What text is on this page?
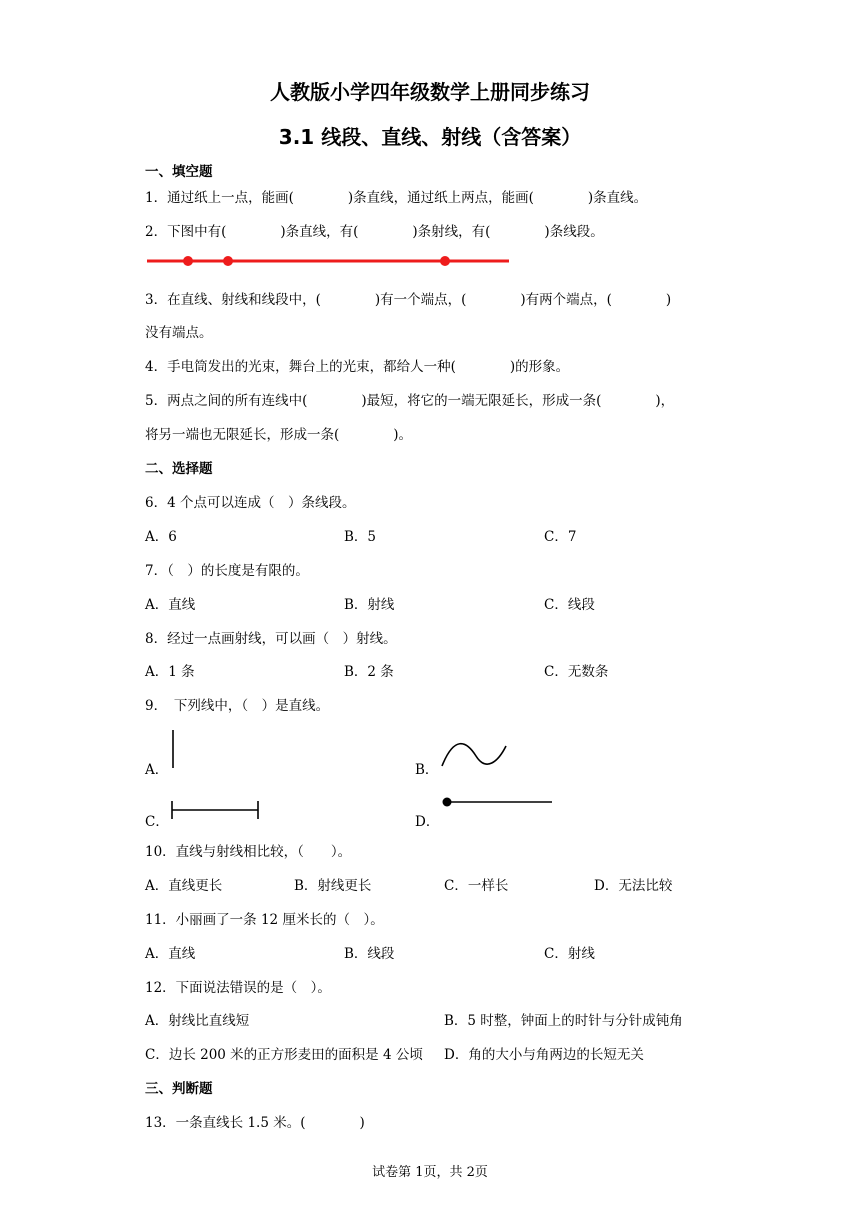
人教版小学四年级数学上册同步练习
3.1 线段、直线、射线（含答案）
一、填空题
1．通过纸上一点，能画(　　　　)条直线，通过纸上两点，能画(　　　　)条直线。
2．下图中有(　　　　)条直线，有(　　　　)条射线，有(　　　　)条线段。
3．在直线、射线和线段中，(　　　　)有一个端点，(　　　　)有两个端点，(　　　　)
没有端点。
4．手电筒发出的光束，舞台上的光束，都给人一种(　　　　)的形象。
5．两点之间的所有连线中(　　　　)最短，将它的一端无限延长，形成一条(　　　　)，
将另一端也无限延长，形成一条(　　　　)。
二、选择题
6．4 个点可以连成（　）条线段。
A．6	B．5	C．7
7．（　）的长度是有限的。
A．直线	B．射线	C．线段
8．经过一点画射线，可以画（　）射线。
A．1 条	B．2 条	C．无数条
9．　下列线中，（　）是直线。
A．	B．
C．	D．
10．直线与射线相比较，（　　）。
A．直线更长	B．射线更长	C．一样长	D．无法比较
11．小丽画了一条 12 厘米长的（　）。
A．直线	B．线段	C．射线
12．下面说法错误的是（　）。
A．射线比直线短	B．5 时整，钟面上的时针与分针成钝角
C．边长 200 米的正方形麦田的面积是 4 公顷 D．角的大小与角两边的长短无关
三、判断题
13．一条直线长 1.5 米。(　　　　)
试卷第 1页，共 2页
